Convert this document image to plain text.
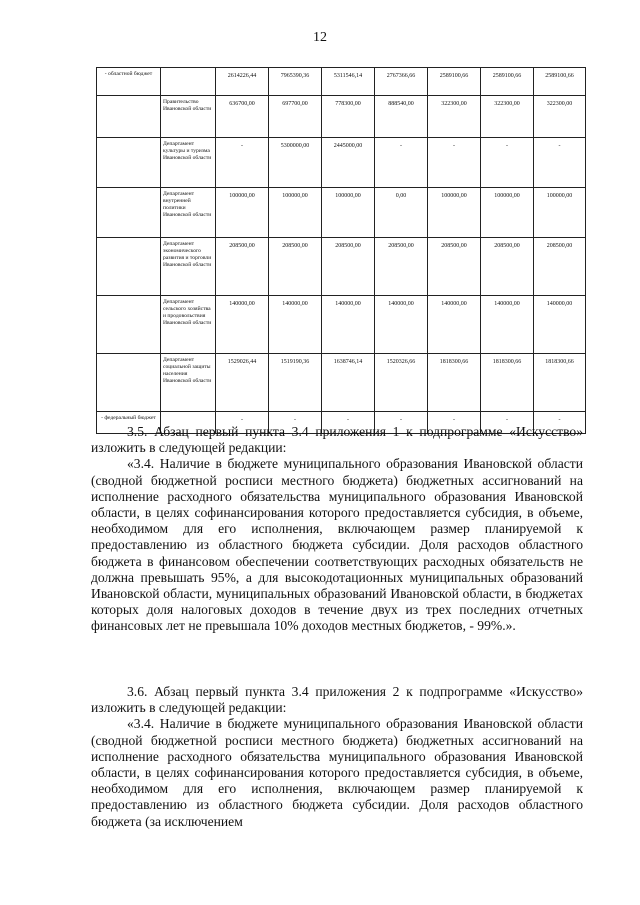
12
- областной бюджет		2614226,44	7965390,36	5311546,14	2767366,66	2589100,66	2589100,66	2589100,66
	Правительство Ивановской области	636700,00	697700,00	778300,00	888540,00	322300,00	322300,00	322300,00
	Департамент культуры и туризма Ивановской области	-	5300000,00	2445000,00	-	-	-	-
	Департамент внутренней политики Ивановской области	100000,00	100000,00	100000,00	0,00	100000,00	100000,00	100000,00
	Департамент экономического развития и торговли Ивановской области	208500,00	208500,00	208500,00	208500,00	208500,00	208500,00	208500,00
	Департамент сельского хозяйства и продовольствия Ивановской области	140000,00	140000,00	140000,00	140000,00	140000,00	140000,00	140000,00
	Департамент социальной защиты населения Ивановской области	1529026,44	1519190,36	1638746,14	1520326,66	1818300,66	1818300,66	1818300,66
- федеральный бюджет		-	-	-	-	-	-	-

3.5. Абзац первый пункта 3.4 приложения 1 к подпрограмме «Искусство» изложить в следующей редакции:

«3.4. Наличие в бюджете муниципального образования Ивановской области (сводной бюджетной росписи местного бюджета) бюджетных ассигнований на исполнение расходного обязательства муниципального образования Ивановской области, в целях софинансирования которого предоставляется субсидия, в объеме, необходимом для его исполнения, включающем размер планируемой к предоставлению из областного бюджета субсидии. Доля расходов областного бюджета в финансовом обеспечении соответствующих расходных обязательств не должна превышать 95%, а для высокодотационных муниципальных образований Ивановской области, муниципальных образований Ивановской области, в бюджетах которых доля налоговых доходов в течение двух из трех последних отчетных финансовых лет не превышала 10% доходов местных бюджетов, - 99%.».

3.6. Абзац первый пункта 3.4 приложения 2 к подпрограмме «Искусство» изложить в следующей редакции:

«3.4. Наличие в бюджете муниципального образования Ивановской области (сводной бюджетной росписи местного бюджета) бюджетных ассигнований на исполнение расходного обязательства муниципального образования Ивановской области, в целях софинансирования которого предоставляется субсидия, в объеме, необходимом для его исполнения, включающем размер планируемой к предоставлению из областного бюджета субсидии. Доля расходов областного бюджета (за исключением
